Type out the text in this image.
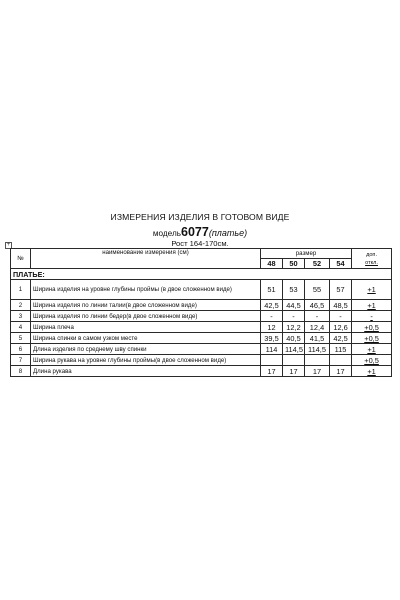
ИЗМЕРЕНИЯ ИЗДЕЛИЯ В ГОТОВОМ ВИДЕ
модель6077(платье)
Рост 164-170см.
+
№	наименование измерения (см)	размер				доп.
откл.

		48	50	52	54	
ПЛАТЬЕ:						
1	Ширина изделия на уровне глубины проймы (в двое сложенном виде)	51	53	55	57	+1
2	Ширина изделия по линии талии(в двое сложенном виде)	42,5	44,5	46,5	48,5	+1
3	Ширина изделия по линии бедер(в двое сложенном виде)	-	-	-	-	-
4	Ширина плеча	12	12,2	12,4	12,6	+0,5
5	Ширина спинки в самом узком месте	39,5	40,5	41,5	42,5	+0,5
6	Длина изделия по среднему шву спинки	114	114,5	114,5	115	+1
7	Ширина рукава на уровне глубины проймы(в двое сложенном виде)					+0,5
8	Длина рукава	17	17	17	17	+1
